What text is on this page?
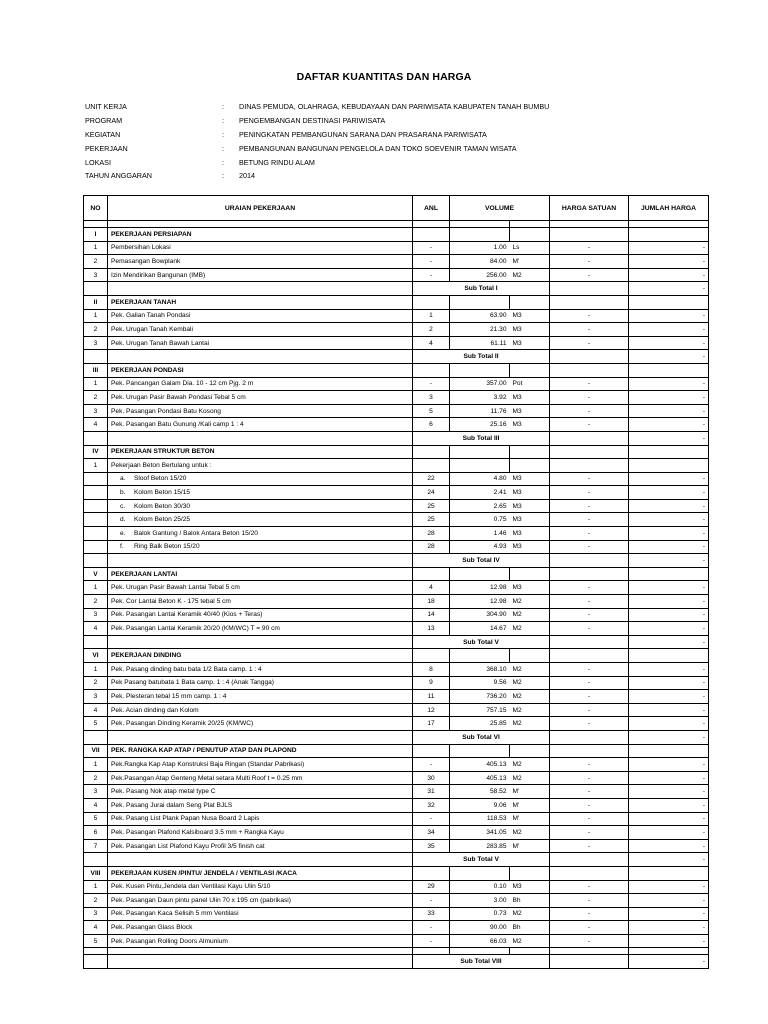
DAFTAR KUANTITAS DAN HARGA
UNIT KERJA	:	DINAS PEMUDA, OLAHRAGA, KEBUDAYAAN DAN PARIWISATA KABUPATEN TANAH BUMBU
PROGRAM	:	PENGEMBANGAN DESTINASI PARIWISATA
KEGIATAN	:	PENINGKATAN PEMBANGUNAN SARANA DAN PRASARANA PARIWISATA
PEKERJAAN	:	PEMBANGUNAN BANGUNAN PENGELOLA DAN TOKO SOEVENIR TAMAN WISATA
LOKASI	:	BETUNG RINDU ALAM
TAHUN ANGGARAN	:	2014
NO	URAIAN PEKERJAAN	ANL	VOLUME		HARGA SATUAN	JUMLAH HARGA

I	PEKERJAAN PERSIAPAN					
1	Pembersihan Lokasi	-	1.00	Ls	-	-
2	Pemasangan Bowplank	-	84.00	M'	-	-
3	Izin Mendirikan Bangunan (IMB)	-	256.00	M2	-	-
		Sub Total I				-
II	PEKERJAAN TANAH					
1	Pek. Galian Tanah Pondasi	1	63.90	M3	-	-
2	Pek. Urugan Tanah Kembali	2	21.30	M3	-	-
3	Pek. Urugan Tanah Bawah Lantai	4	61.11	M3	-	-
		Sub Total II				-
III	PEKERJAAN PONDASI					
1	Pek. Pancangan Galam Dia. 10 - 12 cm Pjg. 2 m	-	357.00	Pot	-	-
2	Pek. Urugan Pasir Bawah Pondasi Tebal 5 cm	3	3.92	M3	-	-
3	Pek. Pasangan Pondasi Batu Kosong	5	11.76	M3	-	-
4	Pek. Pasangan Batu Gunung /Kali camp 1 : 4	6	25.16	M3	-	-
		Sub Total III				-
IV	PEKERJAAN STRUKTUR BETON					
1	Pekerjaan Beton Bertulang untuk :					
	a. Sloof Beton 15/20	22	4.80	M3	-	-
	b. Kolom Beton 15/15	24	2.41	M3	-	-
	c. Kolom Beton 30/30	25	2.65	M3	-	-
	d. Kolom Beton 25/25	25	0.75	M3	-	-
	e. Balok Gantung / Balok Antara Beton 15/20	28	1.46	M3	-	-
	f. Ring Balk Beton 15/20	28	4.93	M3	-	-
		Sub Total IV				-
V	PEKERJAAN LANTAI					
1	Pek. Urugan Pasir Bawah Lantai Tebal 5 cm	4	12.98	M3	-	-
2	Pek. Cor Lantai Beton K - 175 tebal 5 cm	18	12.98	M2	-	-
3	Pek. Pasangan Lantai Keramik 40/40 (Kios + Teras)	14	304.90	M2	-	-
4	Pek. Pasangan Lantai Keramik 20/20 (KM/WC) T = 90 cm	13	14.67	M2	-	-
		Sub Total V				-
VI	PEKERJAAN DINDING					
1	Pek. Pasang dinding batu bata 1/2 Bata camp. 1 : 4	8	368.10	M2	-	-
2	Pek Pasang batubata 1 Bata camp. 1 : 4 (Anak Tangga)	9	9.56	M2	-	-
3	Pek. Plesteran tebal 15 mm camp. 1 : 4	11	736.20	M2	-	-
4	Pek. Acian dinding dan Kolom	12	757.15	M2	-	-
5	Pek. Pasangan Dinding Keramik 20/25 (KM/WC)	17	25.85	M2	-	-
		Sub Total VI				-
VII	PEK. RANGKA KAP ATAP / PENUTUP ATAP DAN PLAPOND					
1	Pek.Rangka Kap Atap Konstruksi Baja Ringan (Standar Pabrikasi)	-	405.13	M2	-	-
2	Pek.Pasangan Atap Genteng Metal setara Multi Roof t = 0.25 mm	30	405.13	M2	-	-
3	Pek. Pasang Nok atap metal type C	31	58.52	M'	-	-
4	Pek. Pasang Jurai dalam Seng Plat BJLS	32	9.06	M'	-	-
5	Pek. Pasang List Plank Papan Nusa Board 2 Lapis	-	118.53	M'	-	-
6	Pek. Pasangan Plafond Kalsiboard 3.5 mm + Rangka Kayu	34	341.05	M2	-	-
7	Pek. Pasangan List Plafond Kayu Profil 3/5 finish cat	35	283.85	M'	-	-
		Sub Total V				-
VIII	PEKERJAAN KUSEN /PINTU/ JENDELA / VENTILASI /KACA					
1	Pek. Kusen Pintu,Jendela dan Ventilasi Kayu Ulin 5/10	29	0.10	M3	-	-
2	Pek. Pasangan Daun pintu panel Ulin 70 x 195 cm (pabrikasi)	-	3.00	Bh	-	-
3	Pek. Pasangan Kaca Selisih 5 mm Ventilasi	33	0.73	M2	-	-
4	Pek. Pasangan Glass Block	-	90.00	Bh	-	-
5	Pek. Pasangan Rolling Doors Almunium	-	66.03	M2	-	-

		Sub Total VIII				-
